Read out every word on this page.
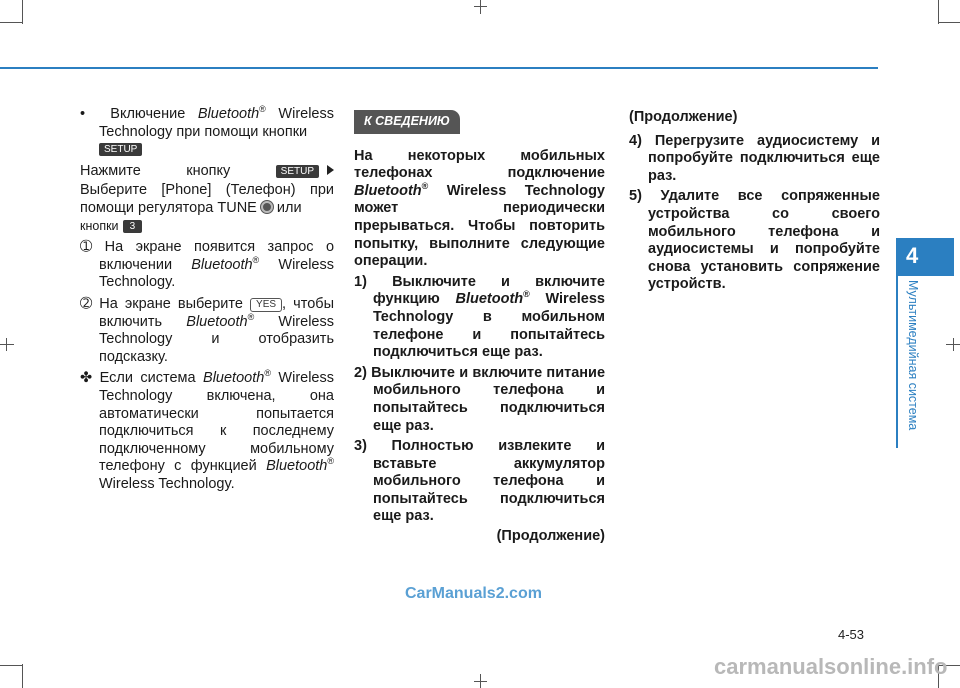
• Включение Bluetooth® Wireless Technology при помощи кнопки
SETUP
Нажмите кнопку	SETUP
Выберите [Phone] (Телефон) при помощи регулятора TUNE или
кнопки 3
➀ На экране появится запрос о включении Bluetooth® Wireless Technology.
➁ На экране выберите YES , чтобы включить Bluetooth® Wireless Technology и отобразить подсказку.
✤ Если система Bluetooth® Wireless Technology включена, она автоматически попытается подключиться к последнему подключенному мобильному телефону с функцией Bluetooth® Wireless Technology.
К СВЕДЕНИЮ
На некоторых мобильных телефонах подключение Bluetooth® Wireless Technology может периодически прерываться. Чтобы повторить попытку, выполните следующие операции.
1) Выключите и включите функцию Bluetooth® Wireless Technology в мобильном телефоне и попытайтесь подключиться еще раз.
2) Выключите и включите питание мобильного телефона и попытайтесь подключиться еще раз.
3) Полностью извлеките и вставьте аккумулятор мобильного телефона и попытайтесь подключиться еще раз.
(Продолжение)
(Продолжение)
4) Перегрузите аудиосистему и попробуйте подключиться еще раз.
5) Удалите все сопряженные устройства со своего мобильного телефона и аудиосистемы и попробуйте снова установить сопряжение устройств.
4
Мультимедийная система
CarManuals2.com
4-53
carmanualsonline.info
